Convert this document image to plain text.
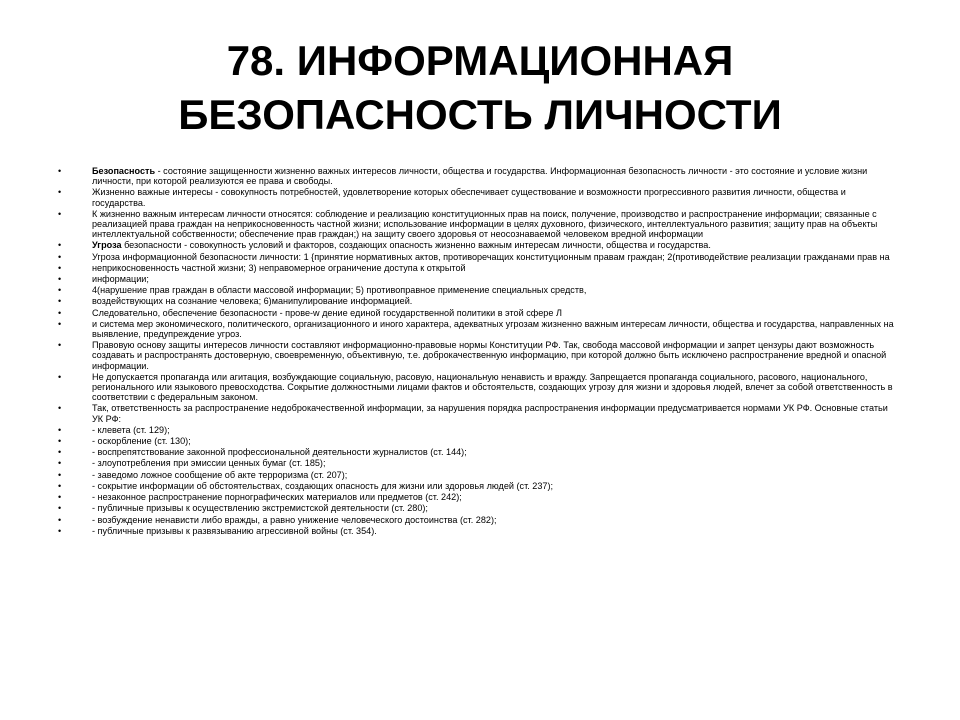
78. ИНФОРМАЦИОННАЯ
БЕЗОПАСНОСТЬ ЛИЧНОСТИ
•	Безопасность - состояние защищенности жизненно важных интересов личности, общества и государства. Информационная безопасность личности - это состояние и условие жизни личности, при которой реализуются ее права и свободы.
•	Жизненно важные интересы - совокупность потребностей, удовлетворение которых обеспечивает существование и возможности прогрессивного развития личности, общества и государства.
•	К жизненно важным интересам личности относятся: соблюдение и реализацию конституционных прав на поиск, получение, производство и распространение информации; связанные с реализацией права граждан на неприкосновенность частной жизни; использование информации в целях духовного, физического, интеллектуального развития; защиту прав на объекты интеллектуальной собственности; обеспечение прав граждан;) на защиту своего здоровья от неосознаваемой человеком вредной информации
•	Угроза безопасности - совокупность условий и факторов, создающих опасность жизненно важным интересам личности, общества и государства.
•	Угроза информационной безопасности личности: 1 {принятие нормативных актов, противоречащих конституционным правам граждан; 2(противодействие реализации гражданами прав на
•	неприкосновенность частной жизни; 3) неправомерное ограничение доступа к открытой
•	информации;
•	4(нарушение прав граждан в области массовой информации; 5) противоправное применение специальных средств,
•	воздействующих на сознание человека; 6)манипулирование информацией.
•	Следовательно, обеспечение безопасности - прове-w дение единой государственной политики в этой сфере Л
•	и система мер экономического, политического, организационного и иного характера, адекватных угрозам жизненно важным интересам личности, общества и государства, направленных на выявление, предупреждение угроз.
•	Правовую основу защиты интересов личности составляют информационно-правовые нормы Конституции РФ. Так, свобода массовой информации и запрет цензуры дают возможность создавать и распространять достоверную, своевременную, объективную, т.е. доброкачественную информацию, при которой должно быть исключено распространение вредной и опасной информации.
•	Не допускается пропаганда или агитация, возбуждающие социальную, расовую, национальную ненависть и вражду. Запрещается пропаганда социального, расового, национального, регионального или языкового превосходства. Сокрытие должностными лицами фактов и обстоятельств, создающих угрозу для жизни и здоровья людей, влечет за собой ответственность в соответствии с федеральным законом.
•	Так, ответственность за распространение недоброкачественной информации, за нарушения порядка распространения информации предусматривается нормами УК РФ. Основные статьи УК РФ:
•	- клевета (ст. 129);
•	- оскорбление (ст. 130);
•	- воспрепятствование законной профессиональной деятельности журналистов (ст. 144);
•	- злоупотребления при эмиссии ценных бумаг (ст. 185);
•	- заведомо ложное сообщение об акте терроризма (ст. 207);
•	- сокрытие информации об обстоятельствах, создающих опасность для жизни или здоровья людей (ст. 237);
•	- незаконное распространение порнографических материалов или предметов (ст. 242);
•	- публичные призывы к осуществлению экстремистской деятельности (ст. 280);
•	- возбуждение ненависти либо вражды, а равно унижение человеческого достоинства (ст. 282);
•	- публичные призывы к развязыванию агрессивной войны (ст. 354).
